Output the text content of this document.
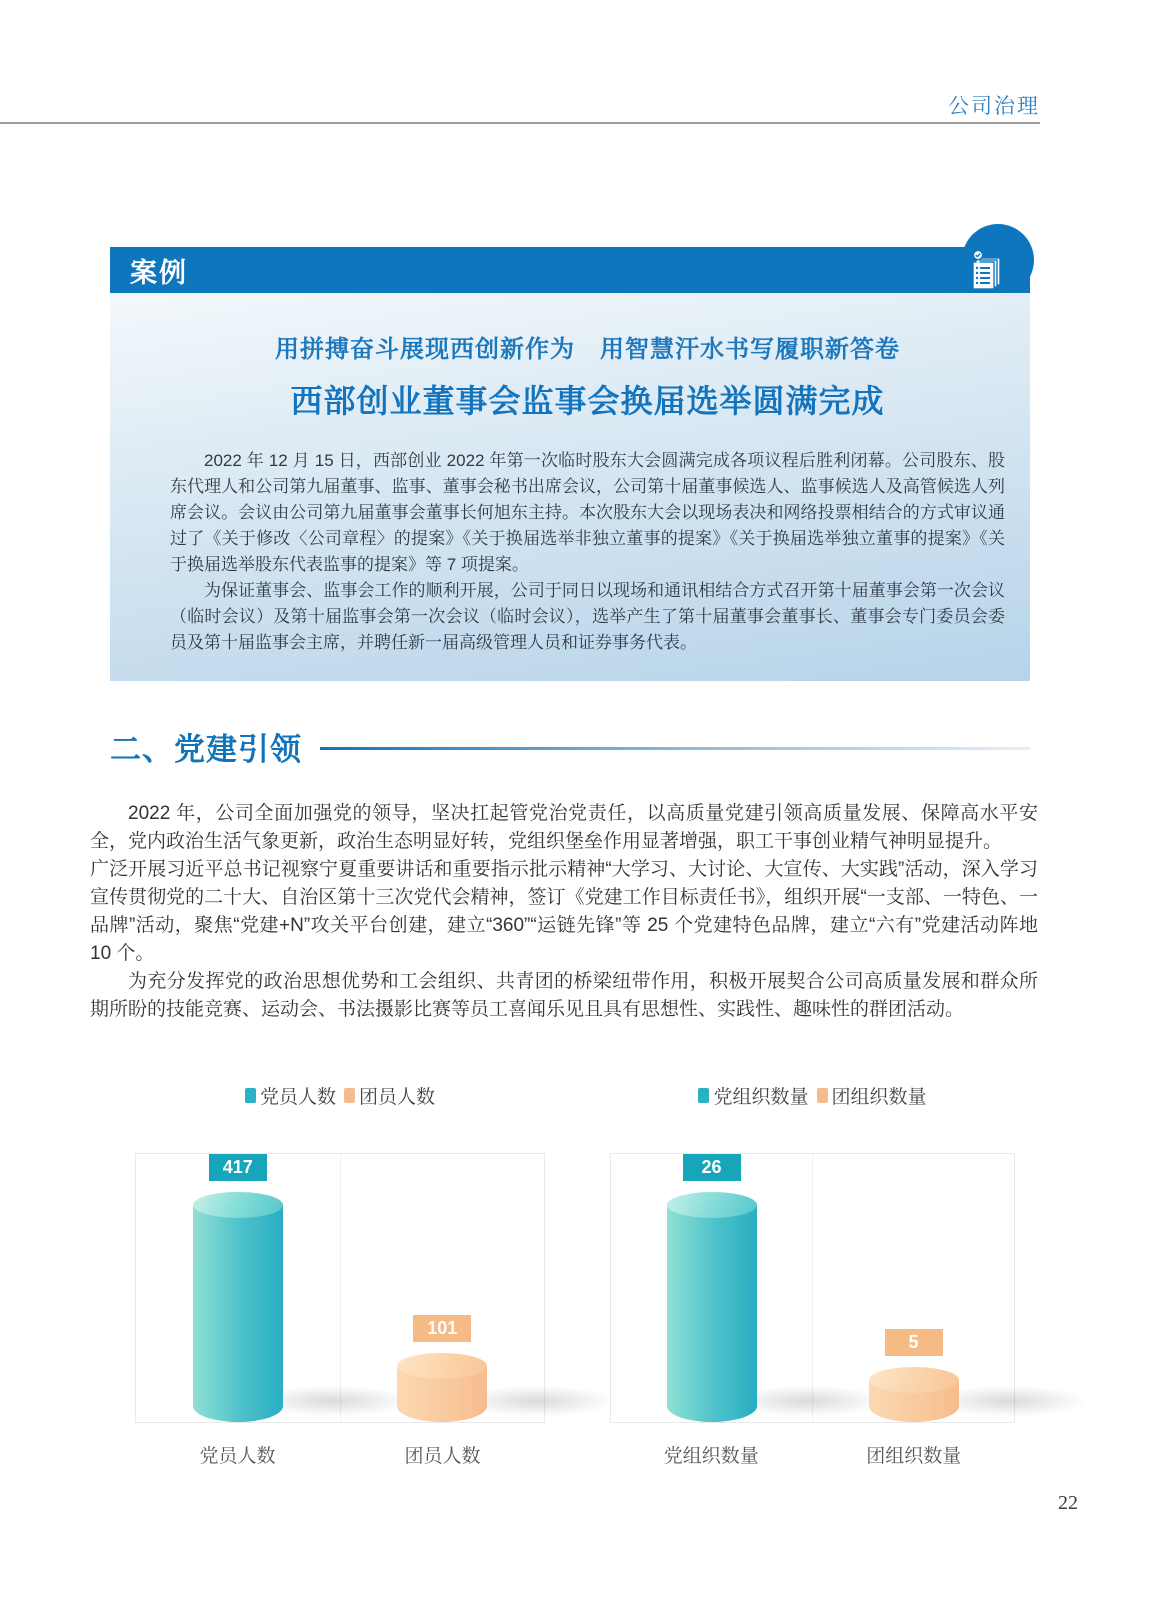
公司治理
案例
用拼搏奋斗展现西创新作为　用智慧汗水书写履职新答卷
西部创业董事会监事会换届选举圆满完成

2022 年 12 月 15 日，西部创业 2022 年第一次临时股东大会圆满完成各项议程后胜利闭幕。公司股东、股东代理人和公司第九届董事、监事、董事会秘书出席会议，公司第十届董事候选人、监事候选人及高管候选人列席会议。会议由公司第九届董事会董事长何旭东主持。本次股东大会以现场表决和网络投票相结合的方式审议通过了《关于修改〈公司章程〉的提案》《关于换届选举非独立董事的提案》《关于换届选举独立董事的提案》《关于换届选举股东代表监事的提案》等 7 项提案。

为保证董事会、监事会工作的顺利开展，公司于同日以现场和通讯相结合方式召开第十届董事会第一次会议（临时会议）及第十届监事会第一次会议（临时会议），选举产生了第十届董事会董事长、董事会专门委员会委员及第十届监事会主席，并聘任新一届高级管理人员和证券事务代表。

二、党建引领

2022 年，公司全面加强党的领导，坚决扛起管党治党责任，以高质量党建引领高质量发展、保障高水平安全，党内政治生活气象更新，政治生态明显好转，党组织堡垒作用显著增强，职工干事创业精气神明显提升。

广泛开展习近平总书记视察宁夏重要讲话和重要指示批示精神“大学习、大讨论、大宣传、大实践”活动，深入学习宣传贯彻党的二十大、自治区第十三次党代会精神，签订《党建工作目标责任书》，组织开展“一支部、一特色、一品牌”活动，聚焦“党建+N”攻关平台创建，建立“360”“运链先锋”等 25 个党建特色品牌，建立“六有”党建活动阵地 10 个。

为充分发挥党的政治思想优势和工会组织、共青团的桥梁纽带作用，积极开展契合公司高质量发展和群众所期所盼的技能竞赛、运动会、书法摄影比赛等员工喜闻乐见且具有思想性、实践性、趣味性的群团活动。

党员人数 团员人数
417
101
党员人数	团员人数
党组织数量 团组织数量
26
5
党组织数量	团组织数量
22
